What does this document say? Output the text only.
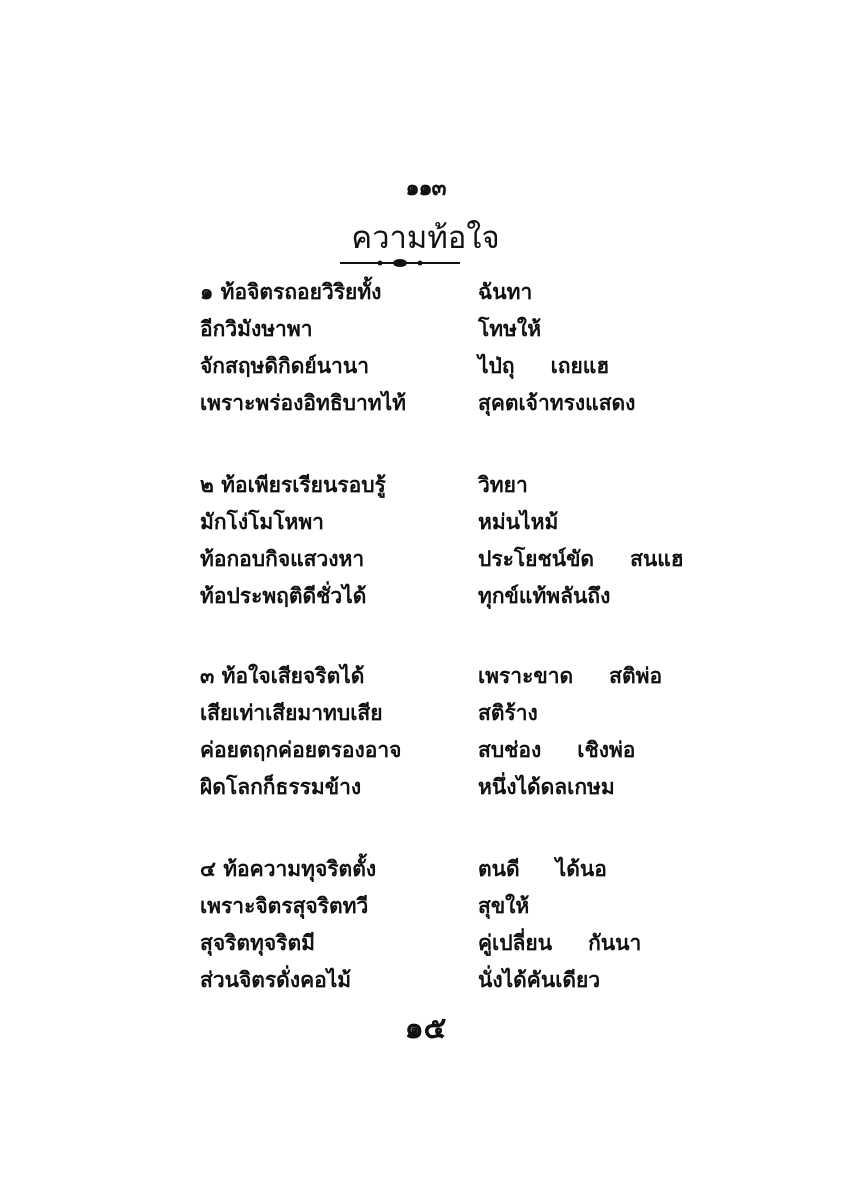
๑๑๓
ความท้อใจ
๑ ท้อจิตรถอยวิริยทั้ง	ฉันทา
อีกวิมังษาพา	โทษให้
จักสฤษดิกิดย์นานา	ไป่ถุ เถยแฮ
เพราะพร่องอิทธิบาทไท้	สุคตเจ้าทรงแสดง
๒ ท้อเพียรเรียนรอบรู้	วิทยา
มักโง่โมโหพา	หม่นไหม้
ท้อกอบกิจแสวงหา	ประโยชน์ขัด สนแฮ
ท้อประพฤติดีชั่วได้	ทุกข์แท้พลันถึง
๓ ท้อใจเสียจริตได้	เพราะขาด สติพ่อ
เสียเท่าเสียมาทบเสีย	สติร้าง
ค่อยตฤกค่อยตรองอาจ	สบช่อง เชิงพ่อ
ผิดโลกก็ธรรมข้าง	หนึ่งได้ดลเกษม
๔ ท้อความทุจริตตั้ง	ตนดี ได้นอ
เพราะจิตรสุจริตทวี	สุขให้
สุจริตทุจริตมี	คู่เปลี่ยน กันนา
ส่วนจิตรดั่งคอไม้	นั่งได้คันเดียว
๑๕
